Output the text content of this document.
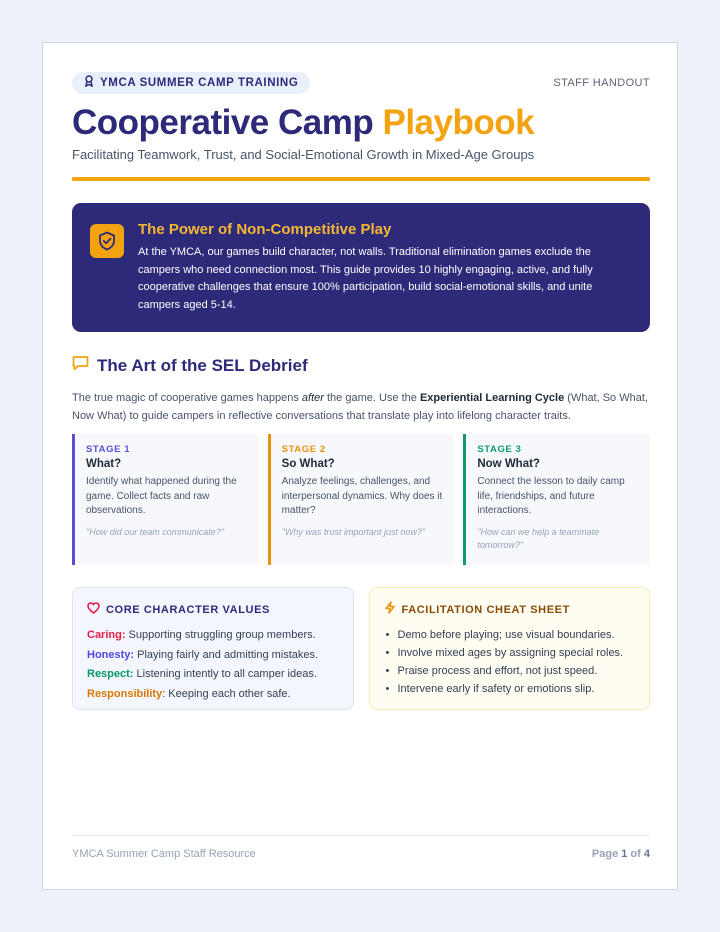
YMCA SUMMER CAMP TRAINING	STAFF HANDOUT
Cooperative Camp Playbook
Facilitating Teamwork, Trust, and Social-Emotional Growth in Mixed-Age Groups
The Power of Non-Competitive Play
At the YMCA, our games build character, not walls. Traditional elimination games exclude the campers who need connection most. This guide provides 10 highly engaging, active, and fully cooperative challenges that ensure 100% participation, build social-emotional skills, and unite campers aged 5-14.
The Art of the SEL Debrief

The true magic of cooperative games happens after the game. Use the Experiential Learning Cycle (What, So What, Now What) to guide campers in reflective conversations that translate play into lifelong character traits.

STAGE 1
What?
Identify what happened during the game. Collect facts and raw observations.
"How did our team communicate?"
STAGE 2
So What?
Analyze feelings, challenges, and interpersonal dynamics. Why does it matter?
"Why was trust important just now?"
STAGE 3
Now What?
Connect the lesson to daily camp life, friendships, and future interactions.
"How can we help a teammate tomorrow?"
CORE CHARACTER VALUES
Caring: Supporting struggling group members.
Honesty: Playing fairly and admitting mistakes.
Respect: Listening intently to all camper ideas.
Responsibility: Keeping each other safe.
FACILITATION CHEAT SHEET
• Demo before playing; use visual boundaries.
• Involve mixed ages by assigning special roles.
• Praise process and effort, not just speed.
• Intervene early if safety or emotions slip.
YMCA Summer Camp Staff Resource	Page 1 of 4
